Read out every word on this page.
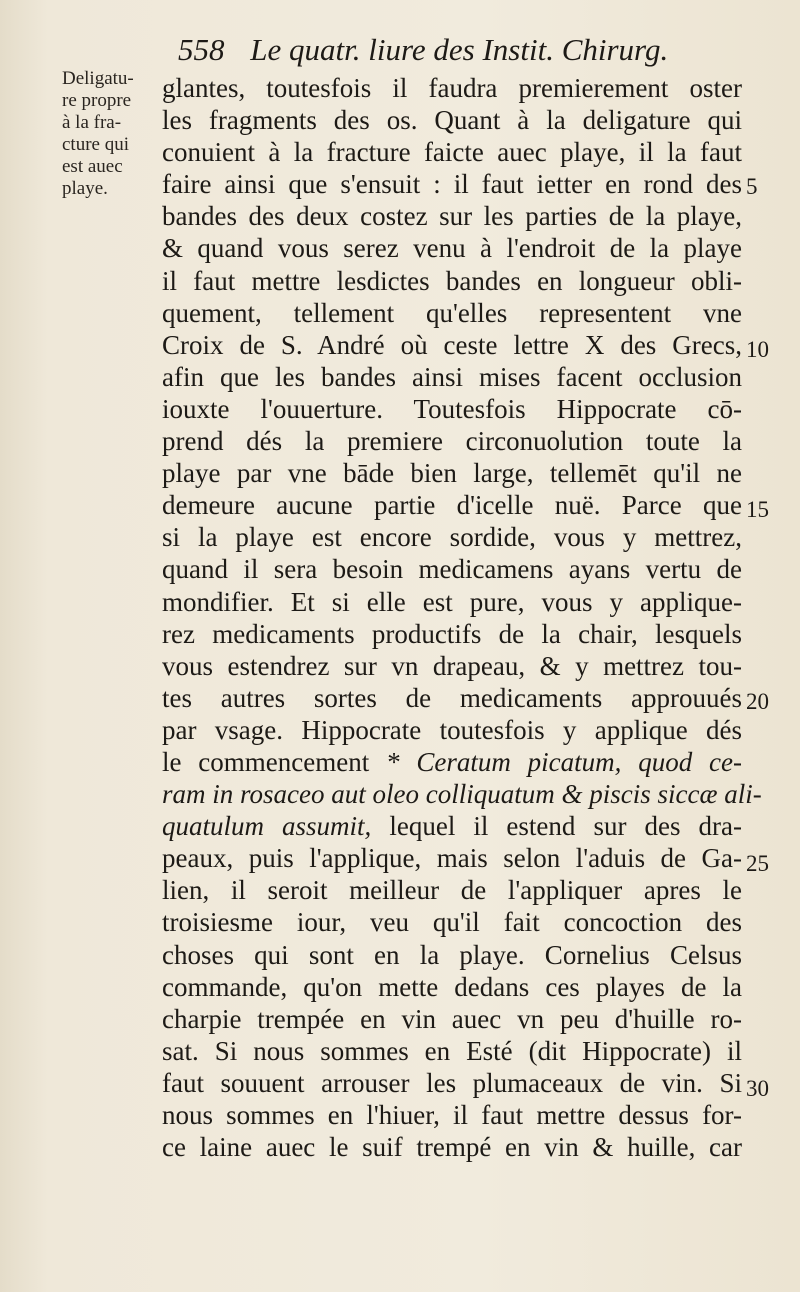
558 Le quatr. liure des Instit. Chirurg.
Deligatu-
re propre
à la fra-
cture qui
est auec
playe.
glantes, toutesfois il faudra premierement oster
les fragments des os. Quant à la deligature qui
conuient à la fracture faicte auec playe, il la faut
faire ainsi que s'ensuit : il faut ietter en rond des
bandes des deux costez sur les parties de la playe,
& quand vous serez venu à l'endroit de la playe
il faut mettre lesdictes bandes en longueur obli-
quement, tellement qu'elles representent vne
Croix de S. André où ceste lettre X des Grecs,
afin que les bandes ainsi mises facent occlusion
iouxte l'ouuerture. Toutesfois Hippocrate cō-
prend dés la premiere circonuolution toute la
playe par vne bāde bien large, tellemēt qu'il ne
demeure aucune partie d'icelle nuë. Parce que
si la playe est encore sordide, vous y mettrez,
quand il sera besoin medicamens ayans vertu de
mondifier. Et si elle est pure, vous y applique-
rez medicaments productifs de la chair, lesquels
vous estendrez sur vn drapeau, & y mettrez tou-
tes autres sortes de medicaments approuués
par vsage. Hippocrate toutesfois y applique dés
le commencement * Ceratum picatum, quod ce-
ram in rosaceo aut oleo colliquatum & piscis siccæ ali-
quatulum assumit, lequel il estend sur des dra-
peaux, puis l'applique, mais selon l'aduis de Ga-
lien, il seroit meilleur de l'appliquer apres le
troisiesme iour, veu qu'il fait concoction des
choses qui sont en la playe. Cornelius Celsus
commande, qu'on mette dedans ces playes de la
charpie trempée en vin auec vn peu d'huille ro-
sat. Si nous sommes en Esté (dit Hippocrate) il
faut souuent arrouser les plumaceaux de vin. Si
nous sommes en l'hiuer, il faut mettre dessus for-
ce laine auec le suif trempé en vin & huille, car
5
10
15
20
25
30
